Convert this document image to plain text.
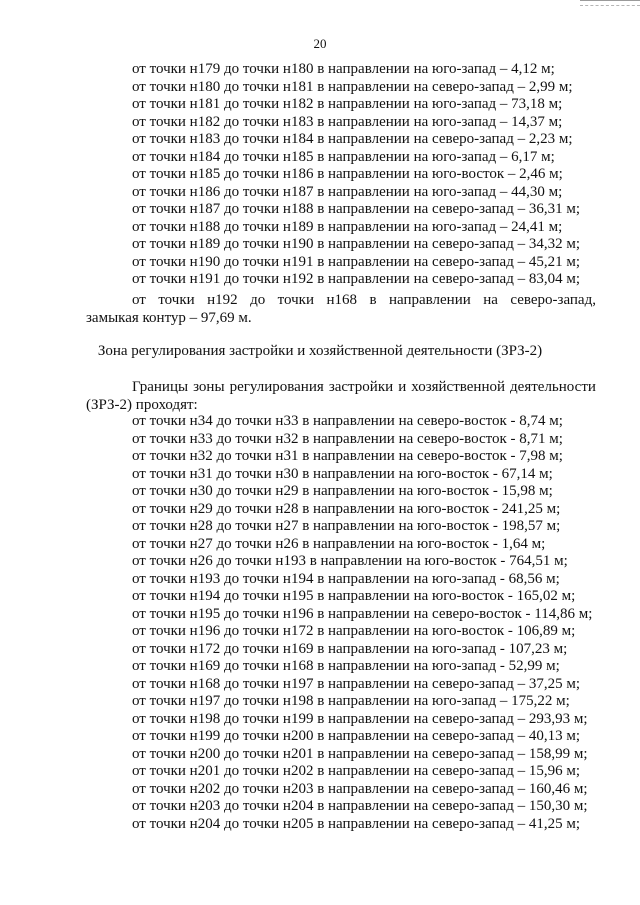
20
от точки н179 до точки н180 в направлении на юго-запад – 4,12 м;
от точки н180 до точки н181 в направлении на северо-запад – 2,99 м;
от точки н181 до точки н182 в направлении на юго-запад – 73,18 м;
от точки н182 до точки н183 в направлении на юго-запад – 14,37 м;
от точки н183 до точки н184 в направлении на северо-запад – 2,23 м;
от точки н184 до точки н185 в направлении на юго-запад – 6,17 м;
от точки н185 до точки н186 в направлении на юго-восток – 2,46 м;
от точки н186 до точки н187 в направлении на юго-запад – 44,30 м;
от точки н187 до точки н188 в направлении на северо-запад – 36,31 м;
от точки н188 до точки н189 в направлении на юго-запад – 24,41 м;
от точки н189 до точки н190 в направлении на северо-запад – 34,32 м;
от точки н190 до точки н191 в направлении на северо-запад – 45,21 м;
от точки н191 до точки н192 в направлении на северо-запад – 83,04 м;
от точки н192 до точки н168 в направлении на северо-запад,
замыкая контур – 97,69 м.
Зона регулирования застройки и хозяйственной деятельности (ЗРЗ-2)
Границы зоны регулирования застройки и хозяйственной деятельности
(ЗРЗ-2) проходят:
от точки н34 до точки н33 в направлении на северо-восток - 8,74 м;
от точки н33 до точки н32 в направлении на северо-восток - 8,71 м;
от точки н32 до точки н31 в направлении на северо-восток - 7,98 м;
от точки н31 до точки н30 в направлении на юго-восток - 67,14 м;
от точки н30 до точки н29 в направлении на юго-восток - 15,98 м;
от точки н29 до точки н28 в направлении на юго-восток - 241,25 м;
от точки н28 до точки н27 в направлении на юго-восток - 198,57 м;
от точки н27 до точки н26 в направлении на юго-восток - 1,64 м;
от точки н26 до точки н193 в направлении на юго-восток - 764,51 м;
от точки н193 до точки н194 в направлении на юго-запад - 68,56 м;
от точки н194 до точки н195 в направлении на юго-восток - 165,02 м;
от точки н195 до точки н196 в направлении на северо-восток - 114,86 м;
от точки н196 до точки н172 в направлении на юго-восток - 106,89 м;
от точки н172 до точки н169 в направлении на юго-запад - 107,23 м;
от точки н169 до точки н168 в направлении на юго-запад - 52,99 м;
от точки н168 до точки н197 в направлении на северо-запад – 37,25 м;
от точки н197 до точки н198 в направлении на юго-запад – 175,22 м;
от точки н198 до точки н199 в направлении на северо-запад – 293,93 м;
от точки н199 до точки н200 в направлении на северо-запад – 40,13 м;
от точки н200 до точки н201 в направлении на северо-запад – 158,99 м;
от точки н201 до точки н202 в направлении на северо-запад – 15,96 м;
от точки н202 до точки н203 в направлении на северо-запад – 160,46 м;
от точки н203 до точки н204 в направлении на северо-запад – 150,30 м;
от точки н204 до точки н205 в направлении на северо-запад – 41,25 м;
